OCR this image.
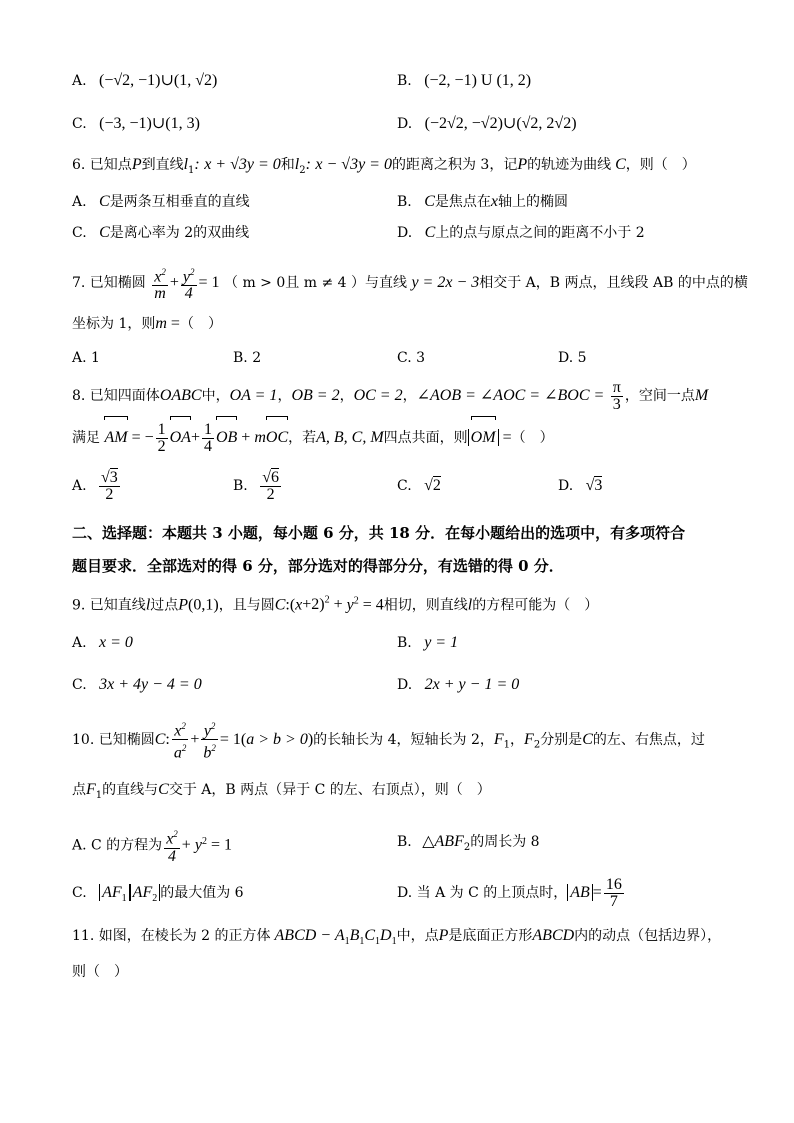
A. (−√2, −1)∪(1, √2)	B. (−2, −1) U (1, 2)
C. (−3, −1)∪(1, 3)	D. (−2√2, −√2)∪(√2, 2√2)
6. 已知点P到直线$l_1$: x + √3y = 0和$l_2$: x − √3y = 0的距离之积为 3，记P的轨迹为曲线 C，则（　）
A. C是两条互相垂直的直线	B. C是焦点在x轴上的椭圆
C. C是离心率为 2的双曲线	D. C上的点与原点之间的距离不小于 2
7. 已知椭圆 $\frac{x^2}{m} + \frac{y^2}{4} = 1$ （ m > 0且 m ≠ 4 ）与直线 y = 2x − 3相交于 A，B 两点，且线段 AB 的中点的横
坐标为 1，则m =（　）
A. 1	B. 2	C. 3	D. 5
8. 已知四面体OABC中，OA = 1，OB = 2，OC = 2，∠AOB = ∠AOC = ∠BOC = $\frac{\pi}{3}$ ，空间一点M
满足 AM = − $\frac{1}{2} OA+ \frac{1}{4}$ OB + mOC，若A, B, C, M四点共面，则 OM =（　）
A. $\frac{√3}{2}$	B. $\frac{√6}{2}$	C. √2	D. √3
二、选择题：本题共 3 小题，每小题 6 分，共 18 分．在每小题给出的选项中，有多项符合
题目要求．全部选对的得 6 分，部分选对的得部分分，有选错的得 0 分．
9. 已知直线l过点P(0,1)，且与圆$C:(x+2)^2 + y^2 = 4$相切，则直线l的方程可能为（　）
A. x = 0	B. y = 1
C. 3x + 4y − 4 = 0	D. 2x + y − 1 = 0
10. 已知椭圆C: $\frac{x^2}{a^2} + \frac{y^2}{b^2} = 1(a > b > 0)$的长轴长为 4，短轴长为 2，$F_1$，$F_2$分别是C的左、右焦点，过
点$F_1$的直线与C交于 A，B 两点（异于 C 的左、右顶点），则（　）
A. C 的方程为 $\frac{x^2}{4} + y^2 = 1$	B. $\triangle ABF_2$的周长为 8
C. $AF_1$ $AF_2$ 的最大值为 6	D. 当 A 为 C 的上顶点时， AB = $\frac{16}{7}$
11. 如图，在棱长为 2 的正方体 ABCD − $A_1B_1C_1D_1$中，点P是底面正方形ABCD内的动点（包括边界），
则（　）
